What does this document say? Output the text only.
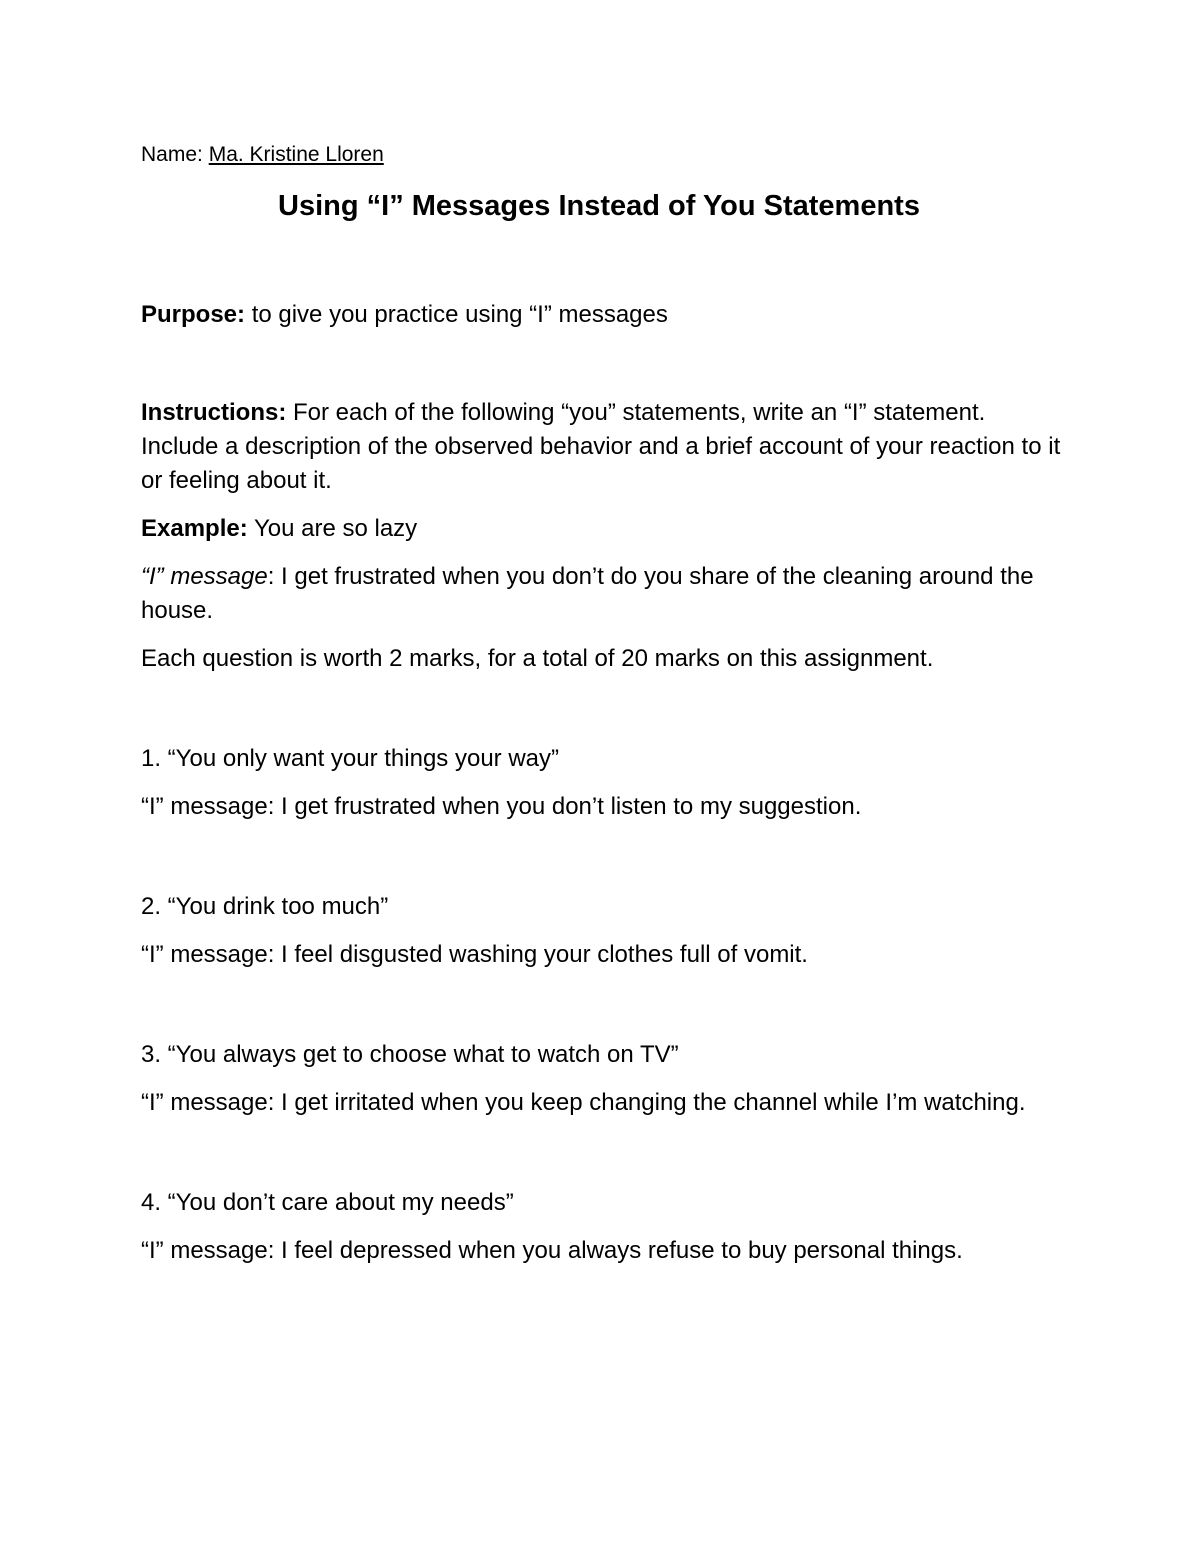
Name: Ma. Kristine Lloren

Using “I” Messages Instead of You Statements

Purpose: to give you practice using “I” messages

Instructions: For each of the following “you” statements, write an “I” statement. Include a description of the observed behavior and a brief account of your reaction to it or feeling about it.

Example: You are so lazy

“I” message: I get frustrated when you don’t do you share of the cleaning around the house.

Each question is worth 2 marks, for a total of 20 marks on this assignment.

1. “You only want your things your way”

“I” message: I get frustrated when you don’t listen to my suggestion.

2. “You drink too much”

“I” message: I feel disgusted washing your clothes full of vomit.

3. “You always get to choose what to watch on TV”

“I” message: I get irritated when you keep changing the channel while I’m watching.

4. “You don’t care about my needs”

“I” message: I feel depressed when you always refuse to buy personal things.
